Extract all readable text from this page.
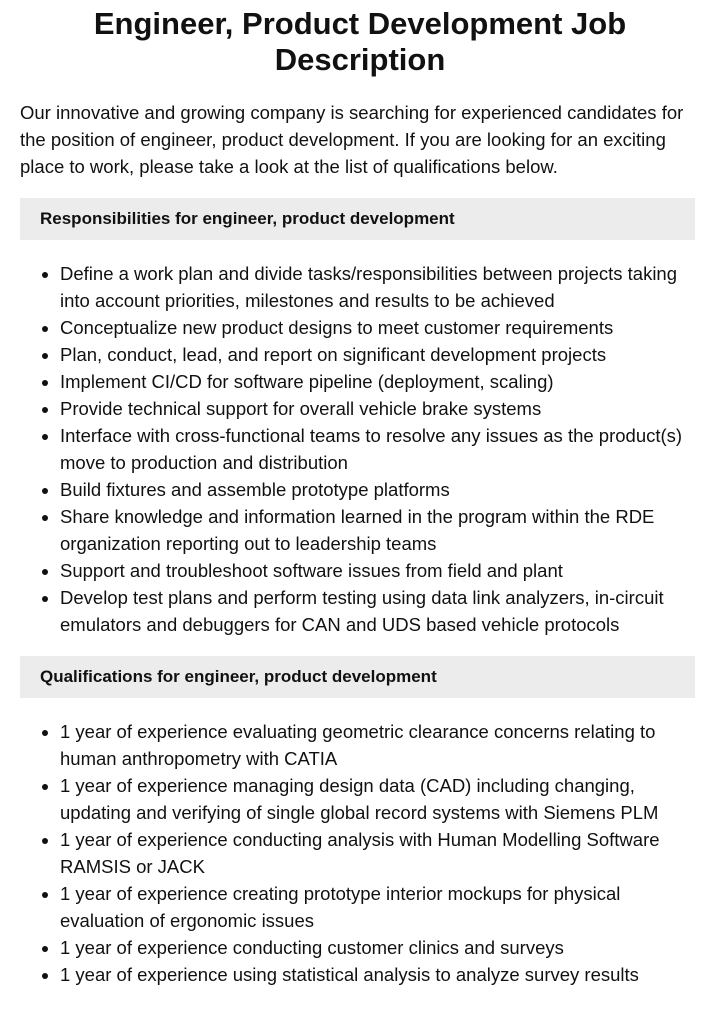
Engineer, Product Development Job Description

Our innovative and growing company is searching for experienced candidates for the position of engineer, product development. If you are looking for an exciting place to work, please take a look at the list of qualifications below.

Responsibilities for engineer, product development
• Define a work plan and divide tasks/responsibilities between projects taking into account priorities, milestones and results to be achieved
• Conceptualize new product designs to meet customer requirements
• Plan, conduct, lead, and report on significant development projects
• Implement CI/CD for software pipeline (deployment, scaling)
• Provide technical support for overall vehicle brake systems
• Interface with cross-functional teams to resolve any issues as the product(s) move to production and distribution
• Build fixtures and assemble prototype platforms
• Share knowledge and information learned in the program within the RDE organization reporting out to leadership teams
• Support and troubleshoot software issues from field and plant
• Develop test plans and perform testing using data link analyzers, in-circuit emulators and debuggers for CAN and UDS based vehicle protocols
Qualifications for engineer, product development
• 1 year of experience evaluating geometric clearance concerns relating to human anthropometry with CATIA
• 1 year of experience managing design data (CAD) including changing, updating and verifying of single global record systems with Siemens PLM
• 1 year of experience conducting analysis with Human Modelling Software RAMSIS or JACK
• 1 year of experience creating prototype interior mockups for physical evaluation of ergonomic issues
• 1 year of experience conducting customer clinics and surveys
• 1 year of experience using statistical analysis to analyze survey results
